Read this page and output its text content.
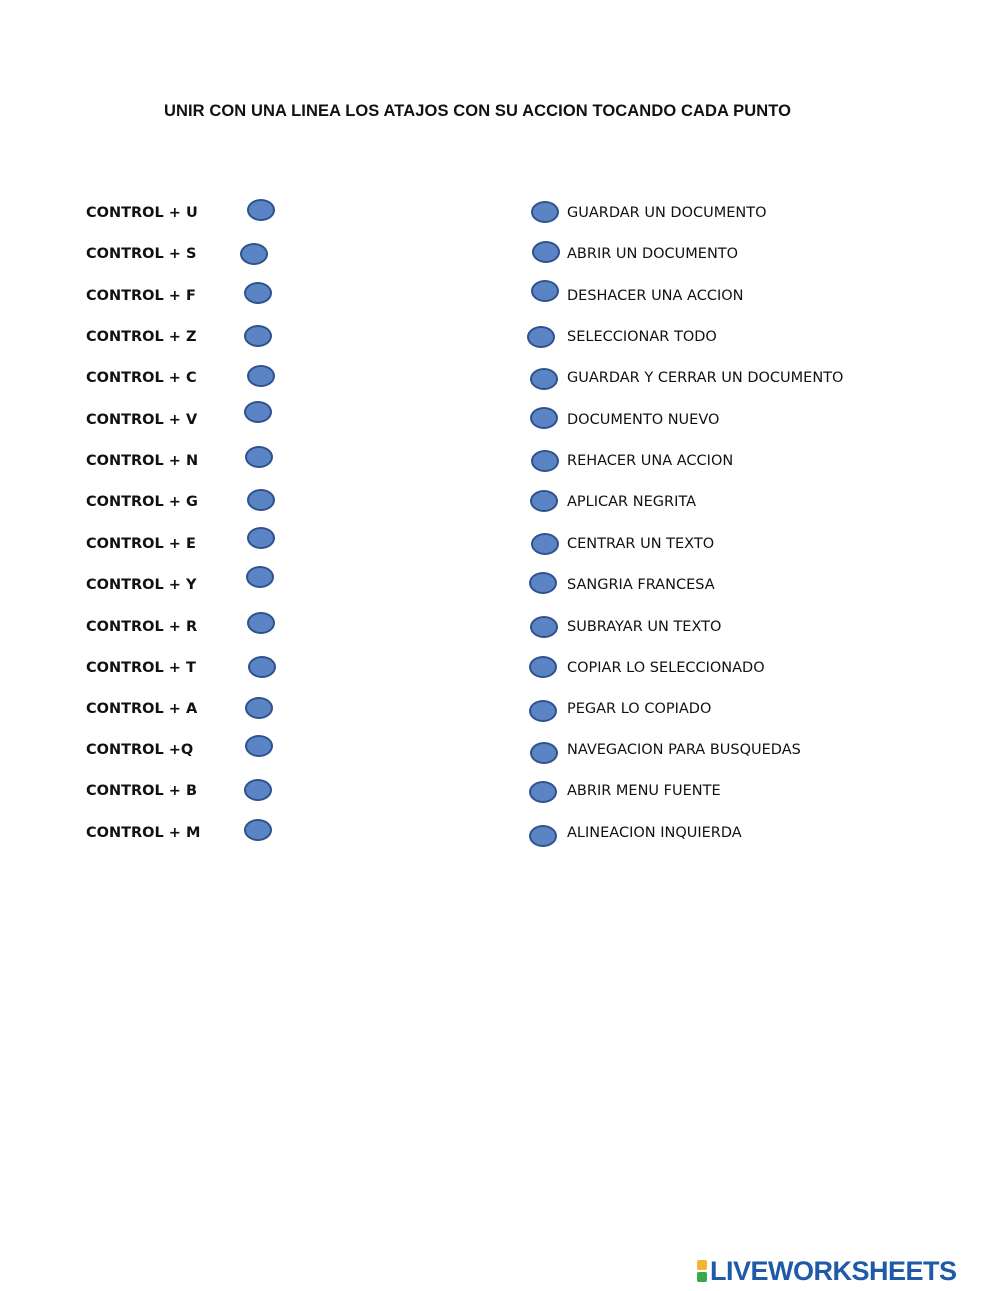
UNIR CON UNA LINEA LOS ATAJOS CON SU ACCION TOCANDO CADA PUNTO
CONTROL + U	GUARDAR UN DOCUMENTO
CONTROL + S	ABRIR UN DOCUMENTO
CONTROL + F	DESHACER UNA ACCION
CONTROL + Z	SELECCIONAR TODO
CONTROL + C	GUARDAR Y CERRAR UN DOCUMENTO
CONTROL + V	DOCUMENTO NUEVO
CONTROL + N	REHACER UNA ACCION
CONTROL + G	APLICAR NEGRITA
CONTROL + E	CENTRAR UN TEXTO
CONTROL + Y	SANGRIA FRANCESA
CONTROL + R	SUBRAYAR UN TEXTO
CONTROL + T	COPIAR LO SELECCIONADO
CONTROL + A	PEGAR LO COPIADO
CONTROL +Q	NAVEGACION PARA BUSQUEDAS
CONTROL + B	ABRIR MENU FUENTE
CONTROL + M	ALINEACION INQUIERDA
LIVEWORKSHEETS
